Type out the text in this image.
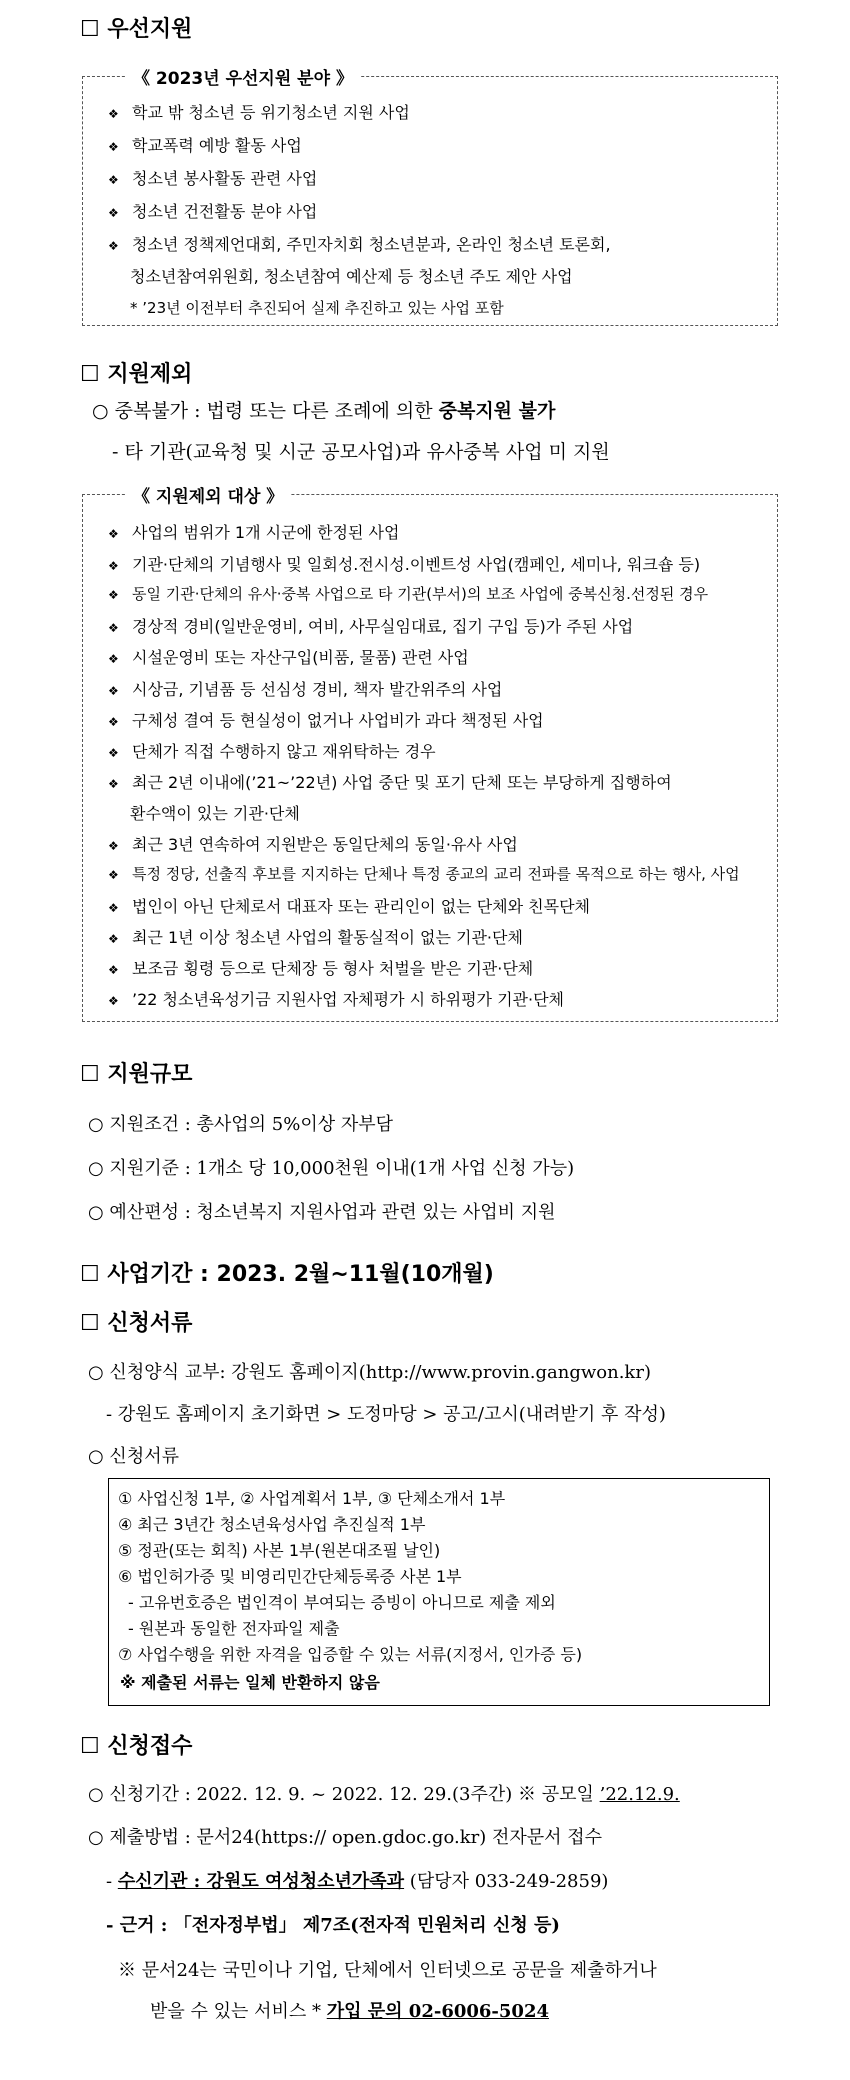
☐ 우선지원
《 2023년 우선지원 분야 》
❖ 학교 밖 청소년 등 위기청소년 지원 사업
❖ 학교폭력 예방 활동 사업
❖ 청소년 봉사활동 관련 사업
❖ 청소년 건전활동 분야 사업
❖ 청소년 정책제언대회, 주민자치회 청소년분과, 온라인 청소년 토론회,
청소년참여위원회, 청소년참여 예산제 등 청소년 주도 제안 사업
* ’23년 이전부터 추진되어 실제 추진하고 있는 사업 포함
☐ 지원제외
○ 중복불가 : 법령 또는 다른 조례에 의한 중복지원 불가
- 타 기관(교육청 및 시군 공모사업)과 유사중복 사업 미 지원
《 지원제외 대상 》
❖ 사업의 범위가 1개 시군에 한정된 사업
❖ 기관·단체의 기념행사 및 일회성.전시성.이벤트성 사업(캠페인, 세미나, 워크숍 등)
❖ 동일 기관·단체의 유사·중복 사업으로 타 기관(부서)의 보조 사업에 중복신청.선정된 경우
❖ 경상적 경비(일반운영비, 여비, 사무실임대료, 집기 구입 등)가 주된 사업
❖ 시설운영비 또는 자산구입(비품, 물품) 관련 사업
❖ 시상금, 기념품 등 선심성 경비, 책자 발간위주의 사업
❖ 구체성 결여 등 현실성이 없거나 사업비가 과다 책정된 사업
❖ 단체가 직접 수행하지 않고 재위탁하는 경우
❖ 최근 2년 이내에(’21~’22년) 사업 중단 및 포기 단체 또는 부당하게 집행하여
환수액이 있는 기관·단체
❖ 최근 3년 연속하여 지원받은 동일단체의 동일·유사 사업
❖ 특정 정당, 선출직 후보를 지지하는 단체나 특정 종교의 교리 전파를 목적으로 하는 행사, 사업
❖ 법인이 아닌 단체로서 대표자 또는 관리인이 없는 단체와 친목단체
❖ 최근 1년 이상 청소년 사업의 활동실적이 없는 기관·단체
❖ 보조금 횡령 등으로 단체장 등 형사 처벌을 받은 기관·단체
❖ ’22 청소년육성기금 지원사업 자체평가 시 하위평가 기관·단체
☐ 지원규모
○ 지원조건 : 총사업의 5%이상 자부담
○ 지원기준 : 1개소 당 10,000천원 이내(1개 사업 신청 가능)
○ 예산편성 : 청소년복지 지원사업과 관련 있는 사업비 지원
☐ 사업기간 : 2023. 2월~11월(10개월)
☐ 신청서류
○ 신청양식 교부: 강원도 홈페이지(http://www.provin.gangwon.kr)
- 강원도 홈페이지 초기화면 > 도정마당 > 공고/고시(내려받기 후 작성)
○ 신청서류
① 사업신청 1부, ② 사업계획서 1부, ③ 단체소개서 1부
④ 최근 3년간 청소년육성사업 추진실적 1부
⑤ 정관(또는 회칙) 사본 1부(원본대조필 날인)
⑥ 법인허가증 및 비영리민간단체등록증 사본 1부
- 고유번호증은 법인격이 부여되는 증빙이 아니므로 제출 제외
- 원본과 동일한 전자파일 제출
⑦ 사업수행을 위한 자격을 입증할 수 있는 서류(지정서, 인가증 등)
※ 제출된 서류는 일체 반환하지 않음
☐ 신청접수
○ 신청기간 : 2022. 12. 9. ~ 2022. 12. 29.(3주간) ※ 공모일 ’22.12.9.
○ 제출방법 : 문서24(https:// open.gdoc.go.kr) 전자문서 접수
- 수신기관 : 강원도 여성청소년가족과 (담당자 033-249-2859)
- 근거 : 「전자정부법」 제7조(전자적 민원처리 신청 등)
※ 문서24는 국민이나 기업, 단체에서 인터넷으로 공문을 제출하거나
받을 수 있는 서비스 * 가입 문의 02-6006-5024
